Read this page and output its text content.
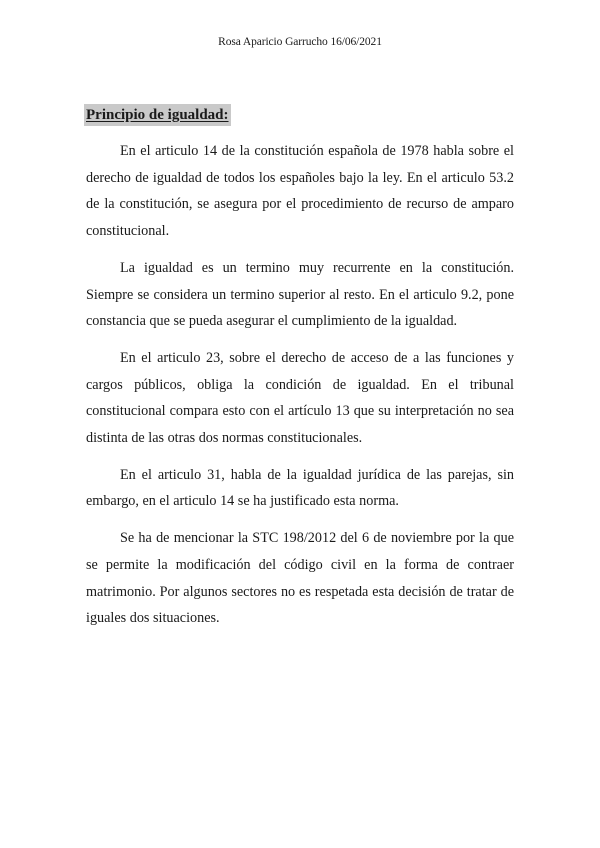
Rosa Aparicio Garrucho 16/06/2021
Principio de igualdad:

En el articulo 14 de la constitución española de 1978 habla sobre el derecho de igualdad de todos los españoles bajo la ley. En el articulo 53.2 de la constitución, se asegura por el procedimiento de recurso de amparo constitucional.

La igualdad es un termino muy recurrente en la constitución. Siempre se considera un termino superior al resto. En el articulo 9.2, pone constancia que se pueda asegurar el cumplimiento de la igualdad.

En el articulo 23, sobre el derecho de acceso de a las funciones y cargos públicos, obliga la condición de igualdad. En el tribunal constitucional compara esto con el artículo 13 que su interpretación no sea distinta de las otras dos normas constitucionales.

En el articulo 31, habla de la igualdad jurídica de las parejas, sin embargo, en el articulo 14 se ha justificado esta norma.

Se ha de mencionar la STC 198/2012 del 6 de noviembre por la que se permite la modificación del código civil en la forma de contraer matrimonio. Por algunos sectores no es respetada esta decisión de tratar de iguales dos situaciones.
